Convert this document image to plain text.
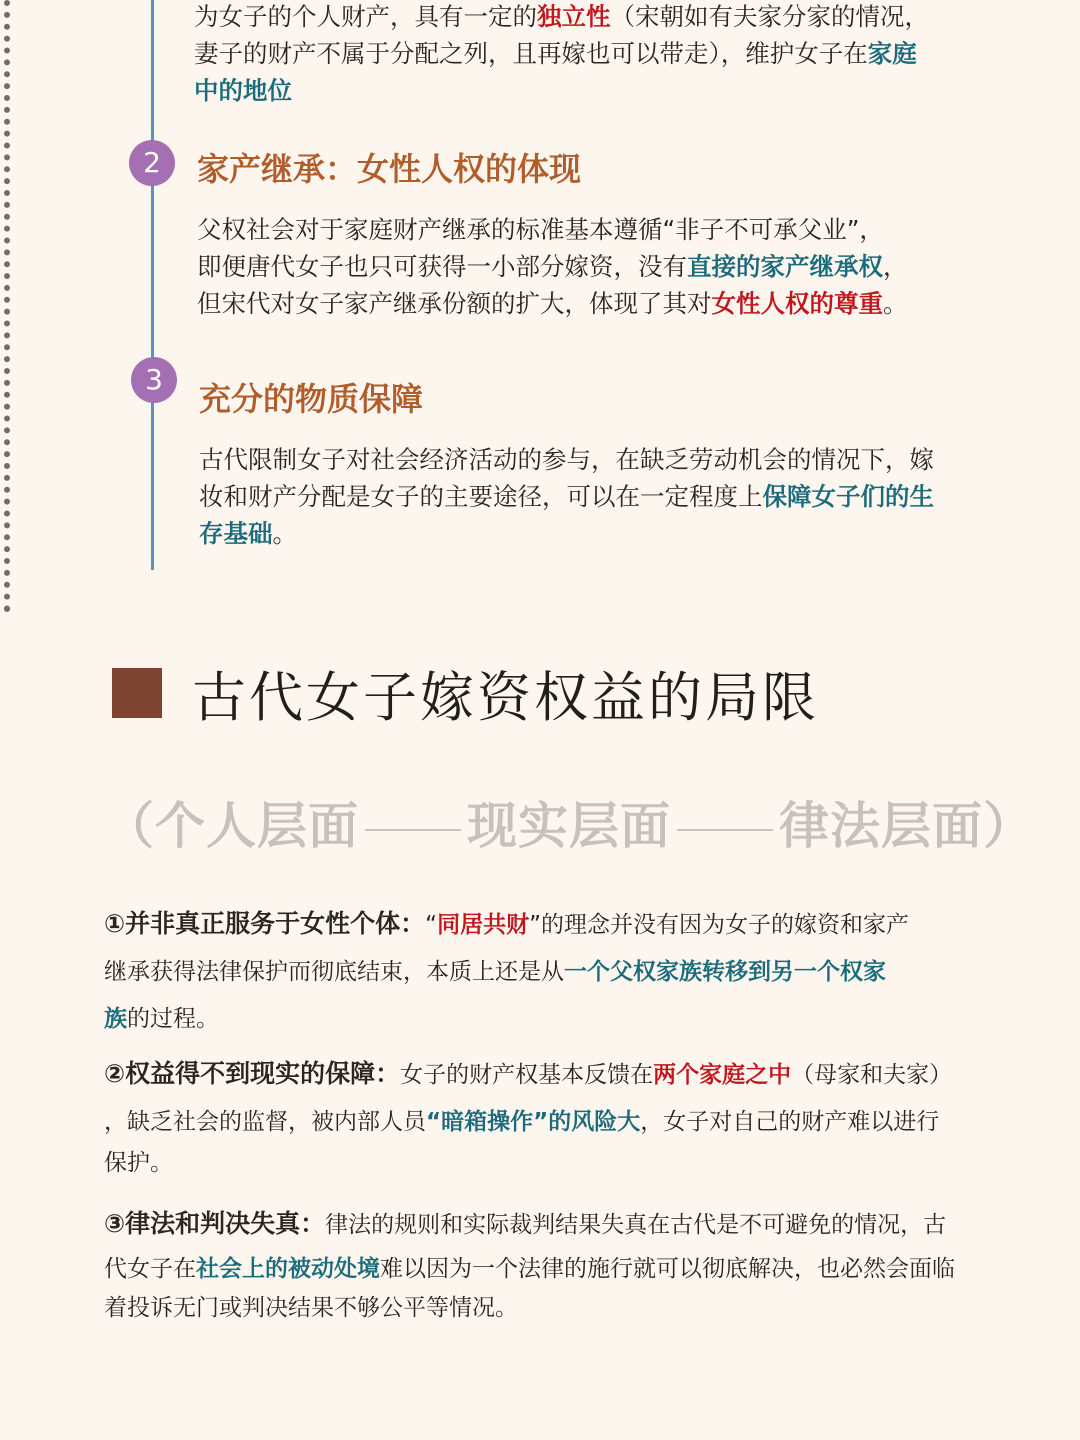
为女子的个人财产，具有一定的独立性（宋朝如有夫家分家的情况，
妻子的财产不属于分配之列，且再嫁也可以带走），维护女子在家庭
中的地位
2	家产继承：女性人权的体现
父权社会对于家庭财产继承的标准基本遵循“非子不可承父业”，
即便唐代女子也只可获得一小部分嫁资，没有直接的家产继承权，
但宋代对女子家产继承份额的扩大，体现了其对女性人权的尊重。
3
充分的物质保障
古代限制女子对社会经济活动的参与，在缺乏劳动机会的情况下，嫁
妆和财产分配是女子的主要途径，可以在一定程度上保障女子们的生
存基础。
古代女子嫁资权益的局限
（个人层面 现实层面 律法层面）
①并非真正服务于女性个体：“同居共财”的理念并没有因为女子的嫁资和家产
继承获得法律保护而彻底结束，本质上还是从一个父权家族转移到另一个权家
族的过程。
②权益得不到现实的保障：女子的财产权基本反馈在两个家庭之中（母家和夫家）
，缺乏社会的监督，被内部人员“暗箱操作”的风险大，女子对自己的财产难以进行
保护。
③律法和判决失真：律法的规则和实际裁判结果失真在古代是不可避免的情况，古
代女子在社会上的被动处境难以因为一个法律的施行就可以彻底解决，也必然会面临
着投诉无门或判决结果不够公平等情况。
